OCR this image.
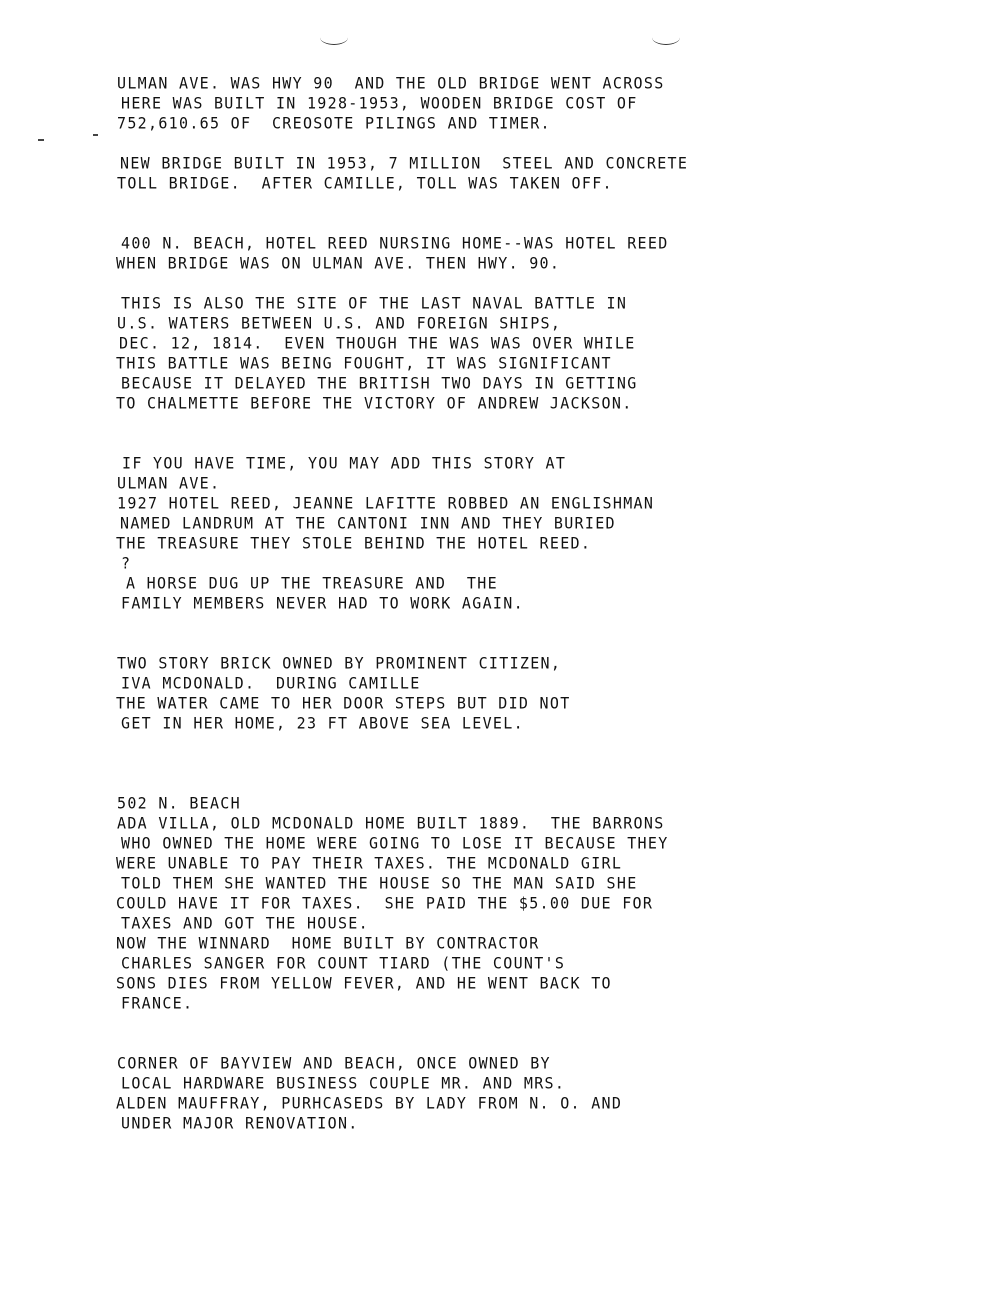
ULMAN AVE. WAS HWY 90  AND THE OLD BRIDGE WENT ACROSS
HERE WAS BUILT IN 1928-1953, WOODEN BRIDGE COST OF
752,610.65 OF  CREOSOTE PILINGS AND TIMER.
NEW BRIDGE BUILT IN 1953, 7 MILLION  STEEL AND CONCRETE
TOLL BRIDGE.  AFTER CAMILLE, TOLL WAS TAKEN OFF.
400 N. BEACH, HOTEL REED NURSING HOME--WAS HOTEL REED
WHEN BRIDGE WAS ON ULMAN AVE. THEN HWY. 90.
THIS IS ALSO THE SITE OF THE LAST NAVAL BATTLE IN
U.S. WATERS BETWEEN U.S. AND FOREIGN SHIPS,
DEC. 12, 1814.  EVEN THOUGH THE WAS WAS OVER WHILE
THIS BATTLE WAS BEING FOUGHT, IT WAS SIGNIFICANT
BECAUSE IT DELAYED THE BRITISH TWO DAYS IN GETTING
TO CHALMETTE BEFORE THE VICTORY OF ANDREW JACKSON.
IF YOU HAVE TIME, YOU MAY ADD THIS STORY AT
ULMAN AVE.
1927 HOTEL REED, JEANNE LAFITTE ROBBED AN ENGLISHMAN
NAMED LANDRUM AT THE CANTONI INN AND THEY BURIED
THE TREASURE THEY STOLE BEHIND THE HOTEL REED.
?
A HORSE DUG UP THE TREASURE AND  THE
FAMILY MEMBERS NEVER HAD TO WORK AGAIN.
TWO STORY BRICK OWNED BY PROMINENT CITIZEN,
IVA MCDONALD.  DURING CAMILLE
THE WATER CAME TO HER DOOR STEPS BUT DID NOT
GET IN HER HOME, 23 FT ABOVE SEA LEVEL.
502 N. BEACH
ADA VILLA, OLD MCDONALD HOME BUILT 1889.  THE BARRONS
WHO OWNED THE HOME WERE GOING TO LOSE IT BECAUSE THEY
WERE UNABLE TO PAY THEIR TAXES. THE MCDONALD GIRL
TOLD THEM SHE WANTED THE HOUSE SO THE MAN SAID SHE
COULD HAVE IT FOR TAXES.  SHE PAID THE $5.00 DUE FOR
TAXES AND GOT THE HOUSE.
NOW THE WINNARD  HOME BUILT BY CONTRACTOR
CHARLES SANGER FOR COUNT TIARD (THE COUNT'S
SONS DIES FROM YELLOW FEVER, AND HE WENT BACK TO
FRANCE.
CORNER OF BAYVIEW AND BEACH, ONCE OWNED BY
LOCAL HARDWARE BUSINESS COUPLE MR. AND MRS.
ALDEN MAUFFRAY, PURHCASEDS BY LADY FROM N. O. AND
UNDER MAJOR RENOVATION.
